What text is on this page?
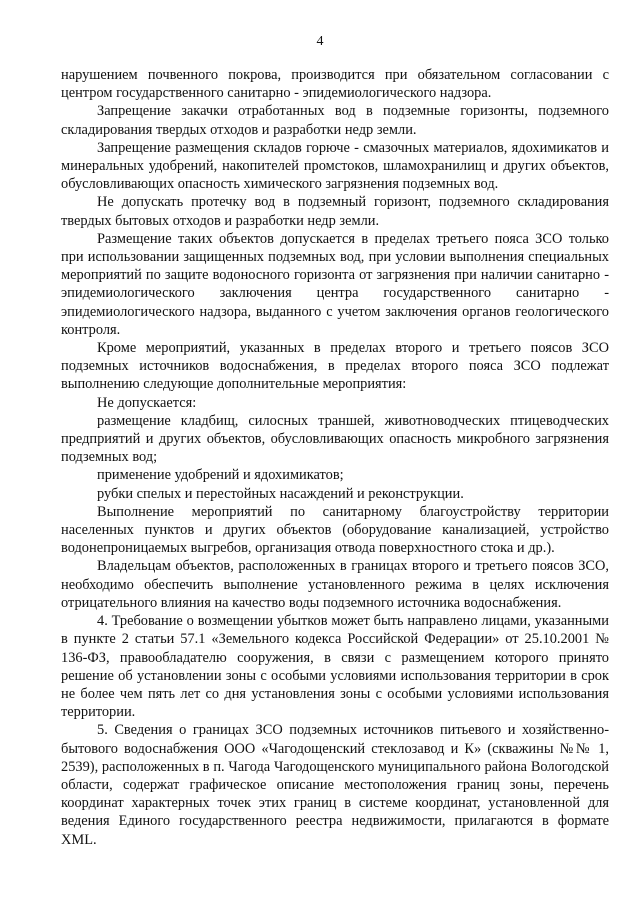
4

нарушением почвенного покрова, производится при обязательном согласовании с центром государственного санитарно - эпидемиологического надзора.

Запрещение закачки отработанных вод в подземные горизонты, подземного складирования твердых отходов и разработки недр земли.

Запрещение размещения складов горюче - смазочных материалов, ядохимикатов и минеральных удобрений, накопителей промстоков, шламохранилищ и других объектов, обусловливающих опасность химического загрязнения подземных вод.

Не допускать протечку вод в подземный горизонт, подземного складирования твердых бытовых отходов и разработки недр земли.

Размещение таких объектов допускается в пределах третьего пояса ЗСО только при использовании защищенных подземных вод, при условии выполнения специальных мероприятий по защите водоносного горизонта от загрязнения при наличии санитарно - эпидемиологического заключения центра государственного санитарно - эпидемиологического надзора, выданного с учетом заключения органов геологического контроля.

Кроме мероприятий, указанных в пределах второго и третьего поясов ЗСО подземных источников водоснабжения, в пределах второго пояса ЗСО подлежат выполнению следующие дополнительные мероприятия:

Не допускается:

размещение кладбищ, силосных траншей, животноводческих птицеводческих предприятий и других объектов, обусловливающих опасность микробного загрязнения подземных вод;

применение удобрений и ядохимикатов;

рубки спелых и перестойных насаждений и реконструкции.

Выполнение мероприятий по санитарному благоустройству территории населенных пунктов и других объектов (оборудование канализацией, устройство водонепроницаемых выгребов, организация отвода поверхностного стока и др.).

Владельцам объектов, расположенных в границах второго и третьего поясов ЗСО, необходимо обеспечить выполнение установленного режима в целях исключения отрицательного влияния на качество воды подземного источника водоснабжения.

4. Требование о возмещении убытков может быть направлено лицами, указанными в пункте 2 статьи 57.1 «Земельного кодекса Российской Федерации» от 25.10.2001 № 136-ФЗ, правообладателю сооружения, в связи с размещением которого принято решение об установлении зоны с особыми условиями использования территории в срок не более чем пять лет со дня установления зоны с особыми условиями использования территории.

5. Сведения о границах ЗСО подземных источников питьевого и хозяйственно-бытового водоснабжения ООО «Чагодощенский стеклозавод и К» (скважины №№ 1, 2539), расположенных в п. Чагода Чагодощенского муниципального района Вологодской области, содержат графическое описание местоположения границ зоны, перечень координат характерных точек этих границ в системе координат, установленной для ведения Единого государственного реестра недвижимости, прилагаются в формате XML.
